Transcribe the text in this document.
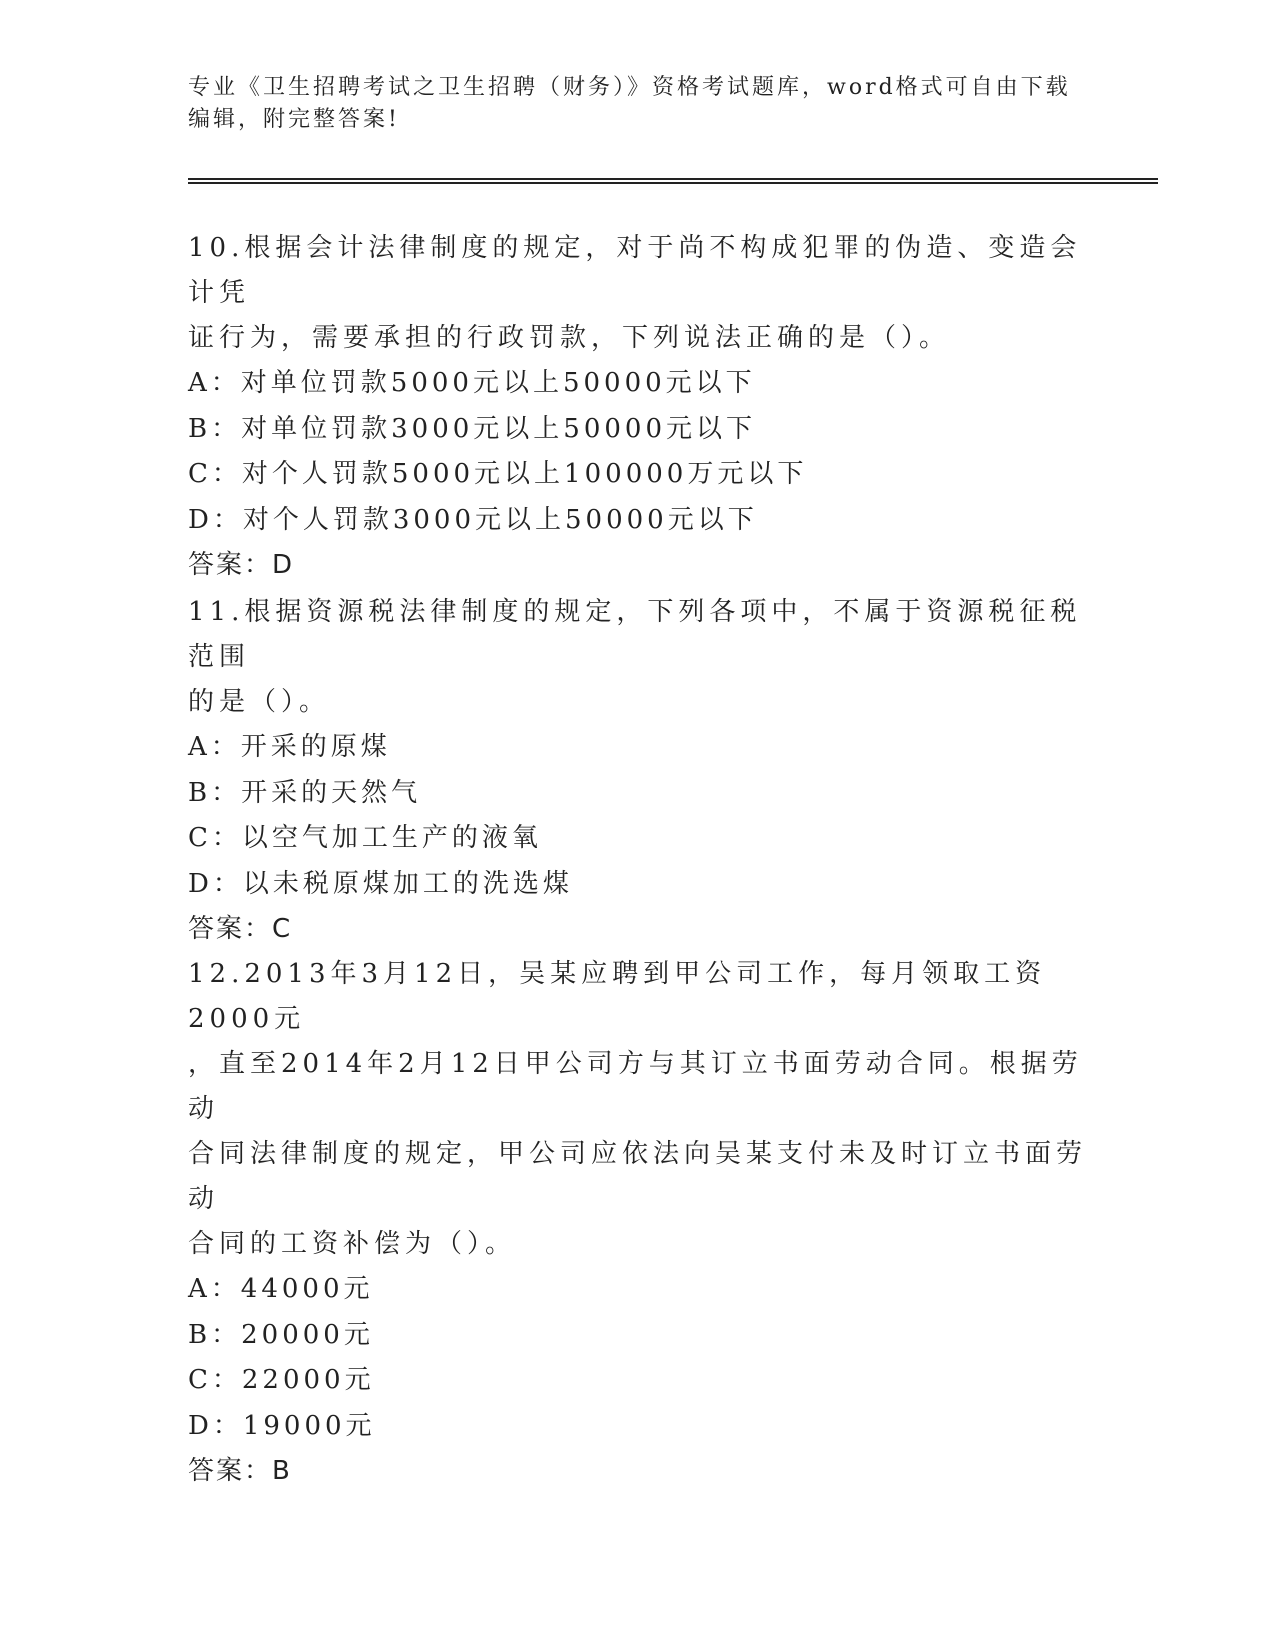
专业《卫生招聘考试之卫生招聘（财务）》资格考试题库，word格式可自由下载
编辑，附完整答案!
10.根据会计法律制度的规定，对于尚不构成犯罪的伪造、变造会计凭
证行为，需要承担的行政罚款，下列说法正确的是（）。
A：对单位罚款5000元以上50000元以下
B：对单位罚款3000元以上50000元以下
C：对个人罚款5000元以上100000万元以下
D：对个人罚款3000元以上50000元以下
答案：D
11.根据资源税法律制度的规定，下列各项中，不属于资源税征税范围
的是（）。
A：开采的原煤
B：开采的天然气
C：以空气加工生产的液氧
D：以未税原煤加工的洗选煤
答案：C
12.2013年3月12日，吴某应聘到甲公司工作，每月领取工资2000元
，直至2014年2月12日甲公司方与其订立书面劳动合同。根据劳动
合同法律制度的规定，甲公司应依法向吴某支付未及时订立书面劳动
合同的工资补偿为（）。
A：44000元
B：20000元
C：22000元
D：19000元
答案：B
